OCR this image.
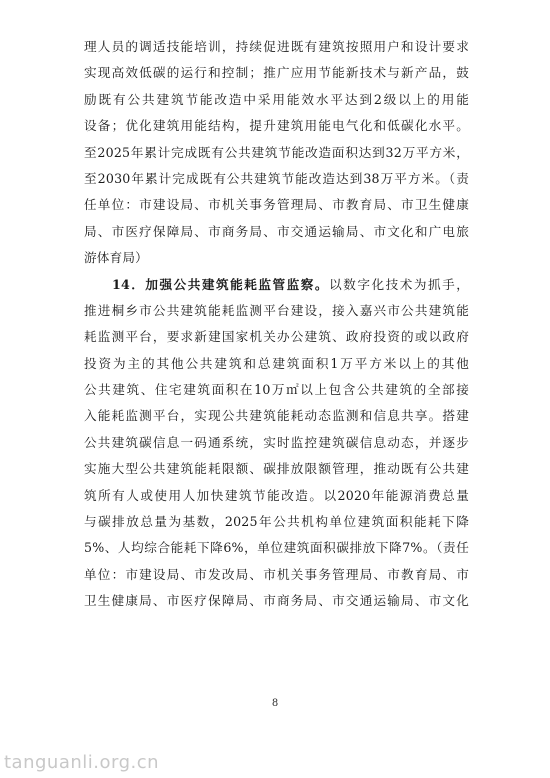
理人员的调适技能培训，持续促进既有建筑按照用户和设计要求
实现高效低碳的运行和控制；推广应用节能新技术与新产品，鼓
励既有公共建筑节能改造中采用能效水平达到2级以上的用能
设备；优化建筑用能结构，提升建筑用能电气化和低碳化水平。
至2025年累计完成既有公共建筑节能改造面积达到32万平方米，
至2030年累计完成既有公共建筑节能改造达到38万平方米。（责
任单位：市建设局、市机关事务管理局、市教育局、市卫生健康
局、市医疗保障局、市商务局、市交通运输局、市文化和广电旅
游体育局）
14．加强公共建筑能耗监管监察。以数字化技术为抓手，
推进桐乡市公共建筑能耗监测平台建设，接入嘉兴市公共建筑能
耗监测平台，要求新建国家机关办公建筑、政府投资的或以政府
投资为主的其他公共建筑和总建筑面积1万平方米以上的其他
公共建筑、住宅建筑面积在10万㎡以上包含公共建筑的全部接
入能耗监测平台，实现公共建筑能耗动态监测和信息共享。搭建
公共建筑碳信息一码通系统，实时监控建筑碳信息动态，并逐步
实施大型公共建筑能耗限额、碳排放限额管理，推动既有公共建
筑所有人或使用人加快建筑节能改造。以2020年能源消费总量
与碳排放总量为基数，2025年公共机构单位建筑面积能耗下降
5%、人均综合能耗下降6%，单位建筑面积碳排放下降7%。（责任
单位：市建设局、市发改局、市机关事务管理局、市教育局、市
卫生健康局、市医疗保障局、市商务局、市交通运输局、市文化
8
tanguanli.org.cn
